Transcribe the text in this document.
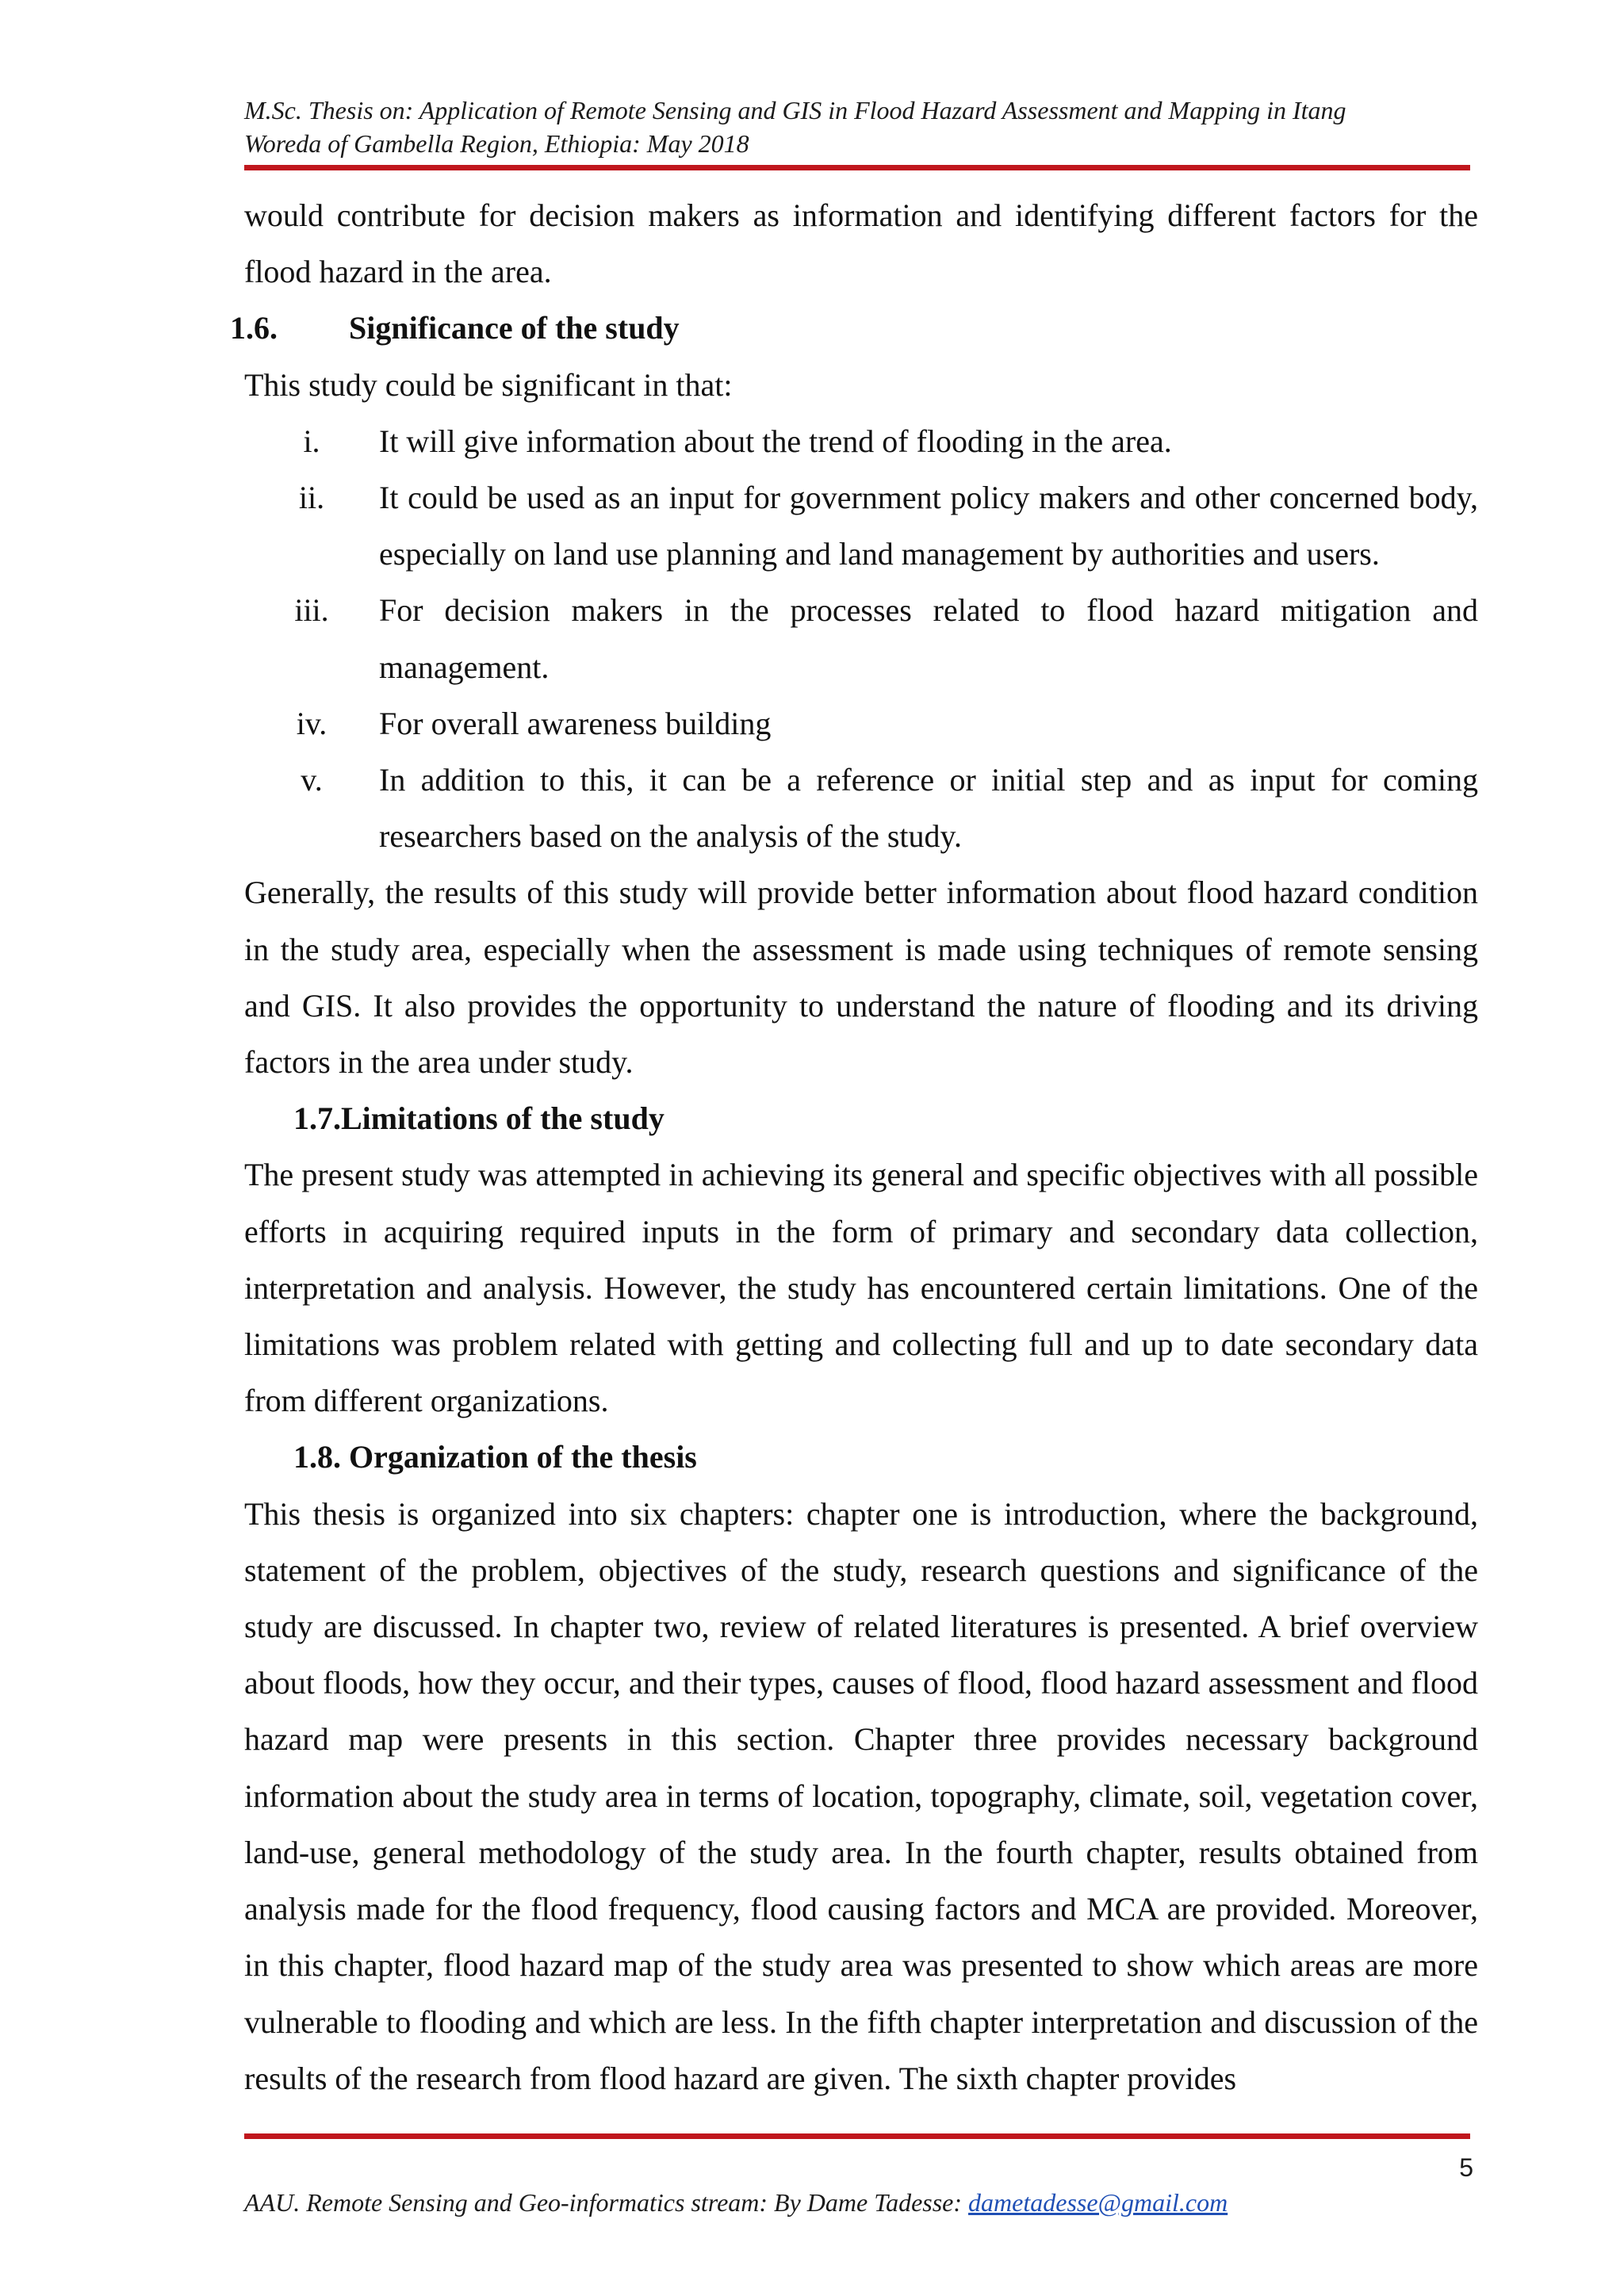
M.Sc. Thesis on: Application of Remote Sensing and GIS in Flood Hazard Assessment and Mapping in Itang
Woreda of Gambella Region, Ethiopia: May 2018

would contribute for decision makers as information and identifying different factors for the flood hazard in the area.

1.6. Significance of the study

This study could be significant in that:

i.	It will give information about the trend of flooding in the area.
ii.	It could be used as an input for government policy makers and other concerned body, especially on land use planning and land management by authorities and users.
iii.	For decision makers in the processes related to flood hazard mitigation and management.
iv.	For overall awareness building
v.	In addition to this, it can be a reference or initial step and as input for coming researchers based on the analysis of the study.

Generally, the results of this study will provide better information about flood hazard condition in the study area, especially when the assessment is made using techniques of remote sensing and GIS. It also provides the opportunity to understand the nature of flooding and its driving factors in the area under study.

1.7.Limitations of the study

The present study was attempted in achieving its general and specific objectives with all possible efforts in acquiring required inputs in the form of primary and secondary data collection, interpretation and analysis. However, the study has encountered certain limitations. One of the limitations was problem related with getting and collecting full and up to date secondary data from different organizations.

1.8. Organization of the thesis

This thesis is organized into six chapters: chapter one is introduction, where the background, statement of the problem, objectives of the study, research questions and significance of the study are discussed. In chapter two, review of related literatures is presented. A brief overview about floods, how they occur, and their types, causes of flood, flood hazard assessment and flood hazard map were presents in this section. Chapter three provides necessary background information about the study area in terms of location, topography, climate, soil, vegetation cover, land-use, general methodology of the study area. In the fourth chapter, results obtained from analysis made for the flood frequency, flood causing factors and MCA are provided. Moreover, in this chapter, flood hazard map of the study area was presented to show which areas are more vulnerable to flooding and which are less. In the fifth chapter interpretation and discussion of the results of the research from flood hazard are given. The sixth chapter provides

5
AAU. Remote Sensing and Geo-informatics stream: By Dame Tadesse: dametadesse@gmail.com
